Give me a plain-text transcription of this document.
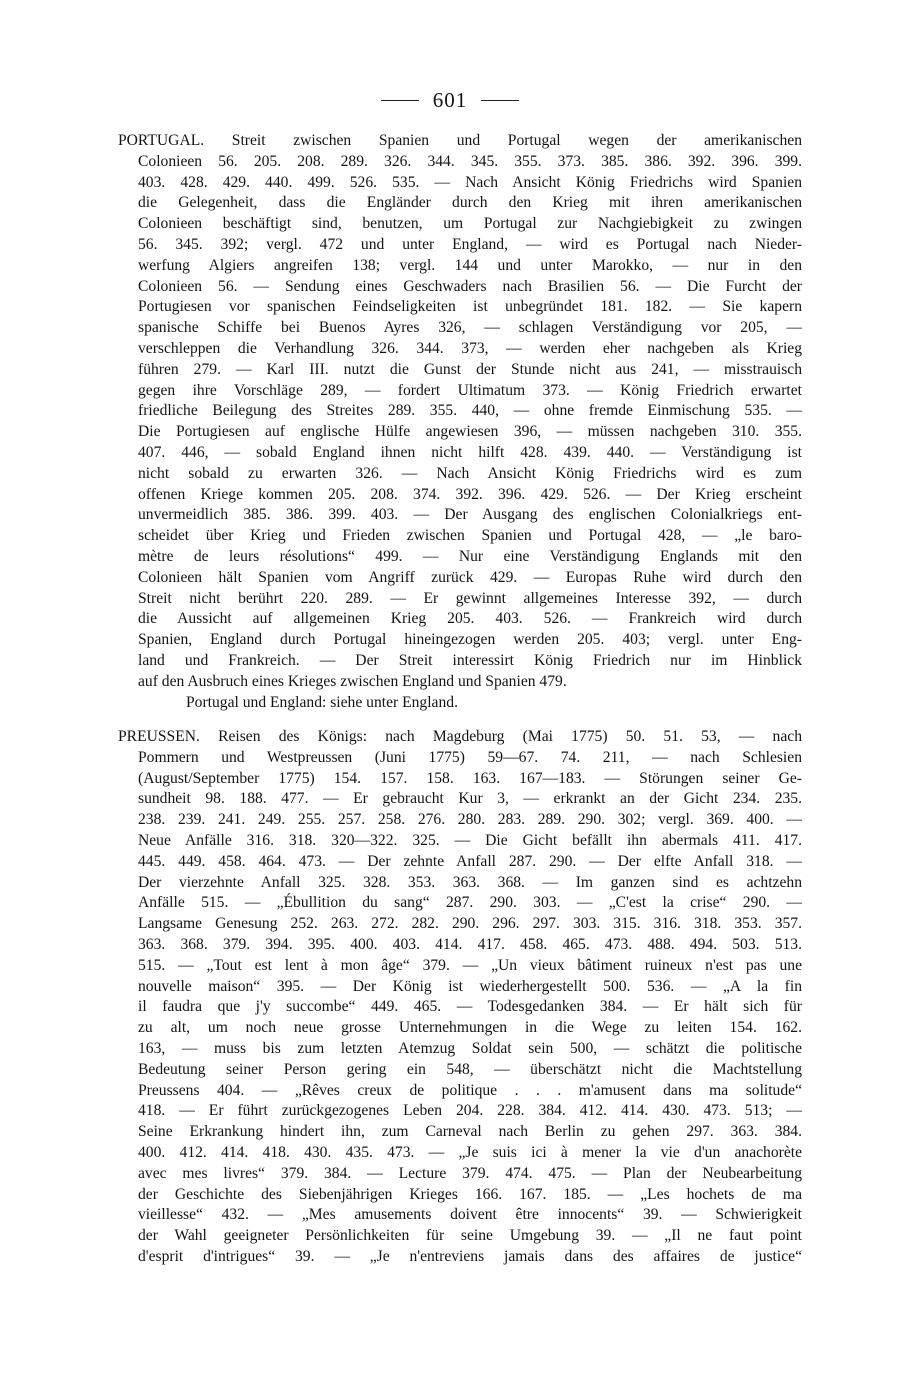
601
PORTUGAL. Streit zwischen Spanien und Portugal wegen der amerikanischen
Colonieen 56. 205. 208. 289. 326. 344. 345. 355. 373. 385. 386. 392. 396. 399.
403. 428. 429. 440. 499. 526. 535. — Nach Ansicht König Friedrichs wird Spanien
die Gelegenheit, dass die Engländer durch den Krieg mit ihren amerikanischen
Colonieen beschäftigt sind, benutzen, um Portugal zur Nachgiebigkeit zu zwingen
56. 345. 392; vergl. 472 und unter England, — wird es Portugal nach Nieder-
werfung Algiers angreifen 138; vergl. 144 und unter Marokko, — nur in den
Colonieen 56. — Sendung eines Geschwaders nach Brasilien 56. — Die Furcht der
Portugiesen vor spanischen Feindseligkeiten ist unbegründet 181. 182. — Sie kapern
spanische Schiffe bei Buenos Ayres 326, — schlagen Verständigung vor 205, —
verschleppen die Verhandlung 326. 344. 373, — werden eher nachgeben als Krieg
führen 279. — Karl III. nutzt die Gunst der Stunde nicht aus 241, — misstrauisch
gegen ihre Vorschläge 289, — fordert Ultimatum 373. — König Friedrich erwartet
friedliche Beilegung des Streites 289. 355. 440, — ohne fremde Einmischung 535. —
Die Portugiesen auf englische Hülfe angewiesen 396, — müssen nachgeben 310. 355.
407. 446, — sobald England ihnen nicht hilft 428. 439. 440. — Verständigung ist
nicht sobald zu erwarten 326. — Nach Ansicht König Friedrichs wird es zum
offenen Kriege kommen 205. 208. 374. 392. 396. 429. 526. — Der Krieg erscheint
unvermeidlich 385. 386. 399. 403. — Der Ausgang des englischen Colonialkriegs ent-
scheidet über Krieg und Frieden zwischen Spanien und Portugal 428, — „le baro-
mètre de leurs résolutions“ 499. — Nur eine Verständigung Englands mit den
Colonieen hält Spanien vom Angriff zurück 429. — Europas Ruhe wird durch den
Streit nicht berührt 220. 289. — Er gewinnt allgemeines Interesse 392, — durch
die Aussicht auf allgemeinen Krieg 205. 403. 526. — Frankreich wird durch
Spanien, England durch Portugal hineingezogen werden 205. 403; vergl. unter Eng-
land und Frankreich. — Der Streit interessirt König Friedrich nur im Hinblick
auf den Ausbruch eines Krieges zwischen England und Spanien 479.
Portugal und England: siehe unter England.
PREUSSEN. Reisen des Königs: nach Magdeburg (Mai 1775) 50. 51. 53, — nach
Pommern und Westpreussen (Juni 1775) 59—67. 74. 211, — nach Schlesien
(August/September 1775) 154. 157. 158. 163. 167—183. — Störungen seiner Ge-
sundheit 98. 188. 477. — Er gebraucht Kur 3, — erkrankt an der Gicht 234. 235.
238. 239. 241. 249. 255. 257. 258. 276. 280. 283. 289. 290. 302; vergl. 369. 400. —
Neue Anfälle 316. 318. 320—322. 325. — Die Gicht befällt ihn abermals 411. 417.
445. 449. 458. 464. 473. — Der zehnte Anfall 287. 290. — Der elfte Anfall 318. —
Der vierzehnte Anfall 325. 328. 353. 363. 368. — Im ganzen sind es achtzehn
Anfälle 515. — „Ébullition du sang“ 287. 290. 303. — „C'est la crise“ 290. —
Langsame Genesung 252. 263. 272. 282. 290. 296. 297. 303. 315. 316. 318. 353. 357.
363. 368. 379. 394. 395. 400. 403. 414. 417. 458. 465. 473. 488. 494. 503. 513.
515. — „Tout est lent à mon âge“ 379. — „Un vieux bâtiment ruineux n'est pas une
nouvelle maison“ 395. — Der König ist wiederhergestellt 500. 536. — „A la fin
il faudra que j'y succombe“ 449. 465. — Todesgedanken 384. — Er hält sich für
zu alt, um noch neue grosse Unternehmungen in die Wege zu leiten 154. 162.
163, — muss bis zum letzten Atemzug Soldat sein 500, — schätzt die politische
Bedeutung seiner Person gering ein 548, — überschätzt nicht die Machtstellung
Preussens 404. — „Rêves creux de politique . . . m'amusent dans ma solitude“
418. — Er führt zurückgezogenes Leben 204. 228. 384. 412. 414. 430. 473. 513; —
Seine Erkrankung hindert ihn, zum Carneval nach Berlin zu gehen 297. 363. 384.
400. 412. 414. 418. 430. 435. 473. — „Je suis ici à mener la vie d'un anachorète
avec mes livres“ 379. 384. — Lecture 379. 474. 475. — Plan der Neubearbeitung
der Geschichte des Siebenjährigen Krieges 166. 167. 185. — „Les hochets de ma
vieillesse“ 432. — „Mes amusements doivent être innocents“ 39. — Schwierigkeit
der Wahl geeigneter Persönlichkeiten für seine Umgebung 39. — „Il ne faut point
d'esprit d'intrigues“ 39. — „Je n'entreviens jamais dans des affaires de justice“
